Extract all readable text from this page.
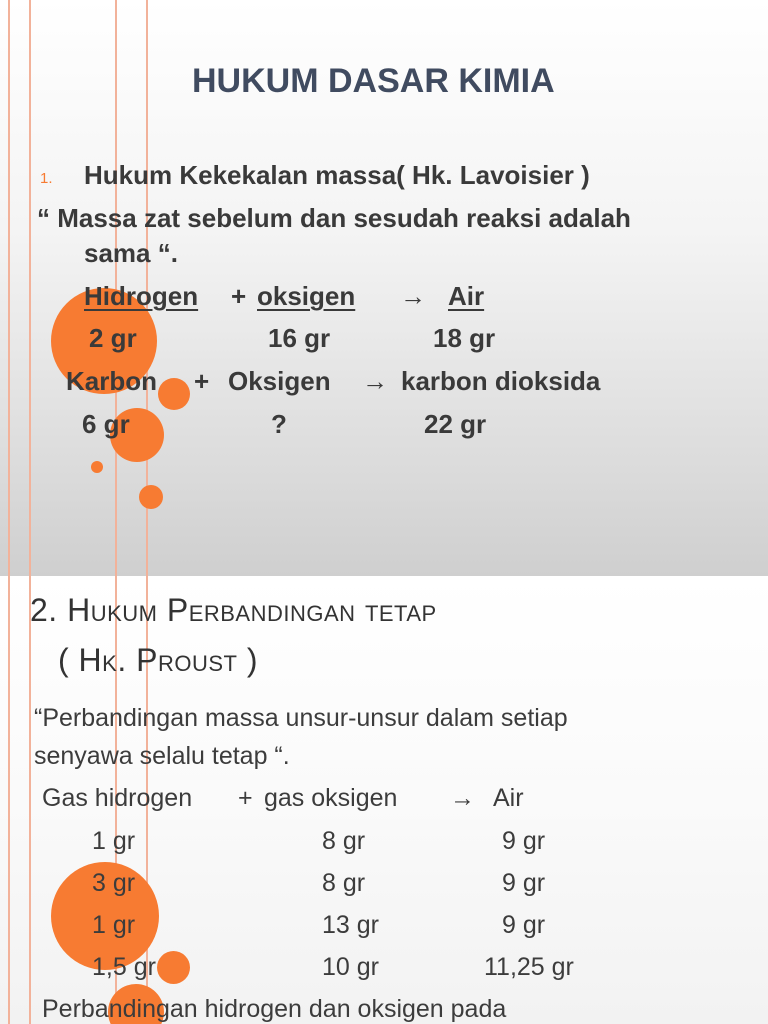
HUKUM DASAR KIMIA
1. Hukum Kekekalan massa( Hk. Lavoisier )
“ Massa zat sebelum dan sesudah reaksi adalah
sama “.
Hidrogen + oksigen → Air
2 gr	16 gr	18 gr
Karbon + Oksigen → karbon dioksida
6 gr	?	22 gr
2. Hukum Perbandingan tetap
( Hk. Proust )
“Perbandingan massa unsur-unsur dalam setiap
senyawa selalu tetap “.
Gas hidrogen + gas oksigen → Air
1 gr	8 gr	9 gr
3 gr	8 gr	9 gr
1 gr	13 gr	9 gr
1,5 gr	10 gr	11,25 gr
Perbandingan hidrogen dan oksigen pada
